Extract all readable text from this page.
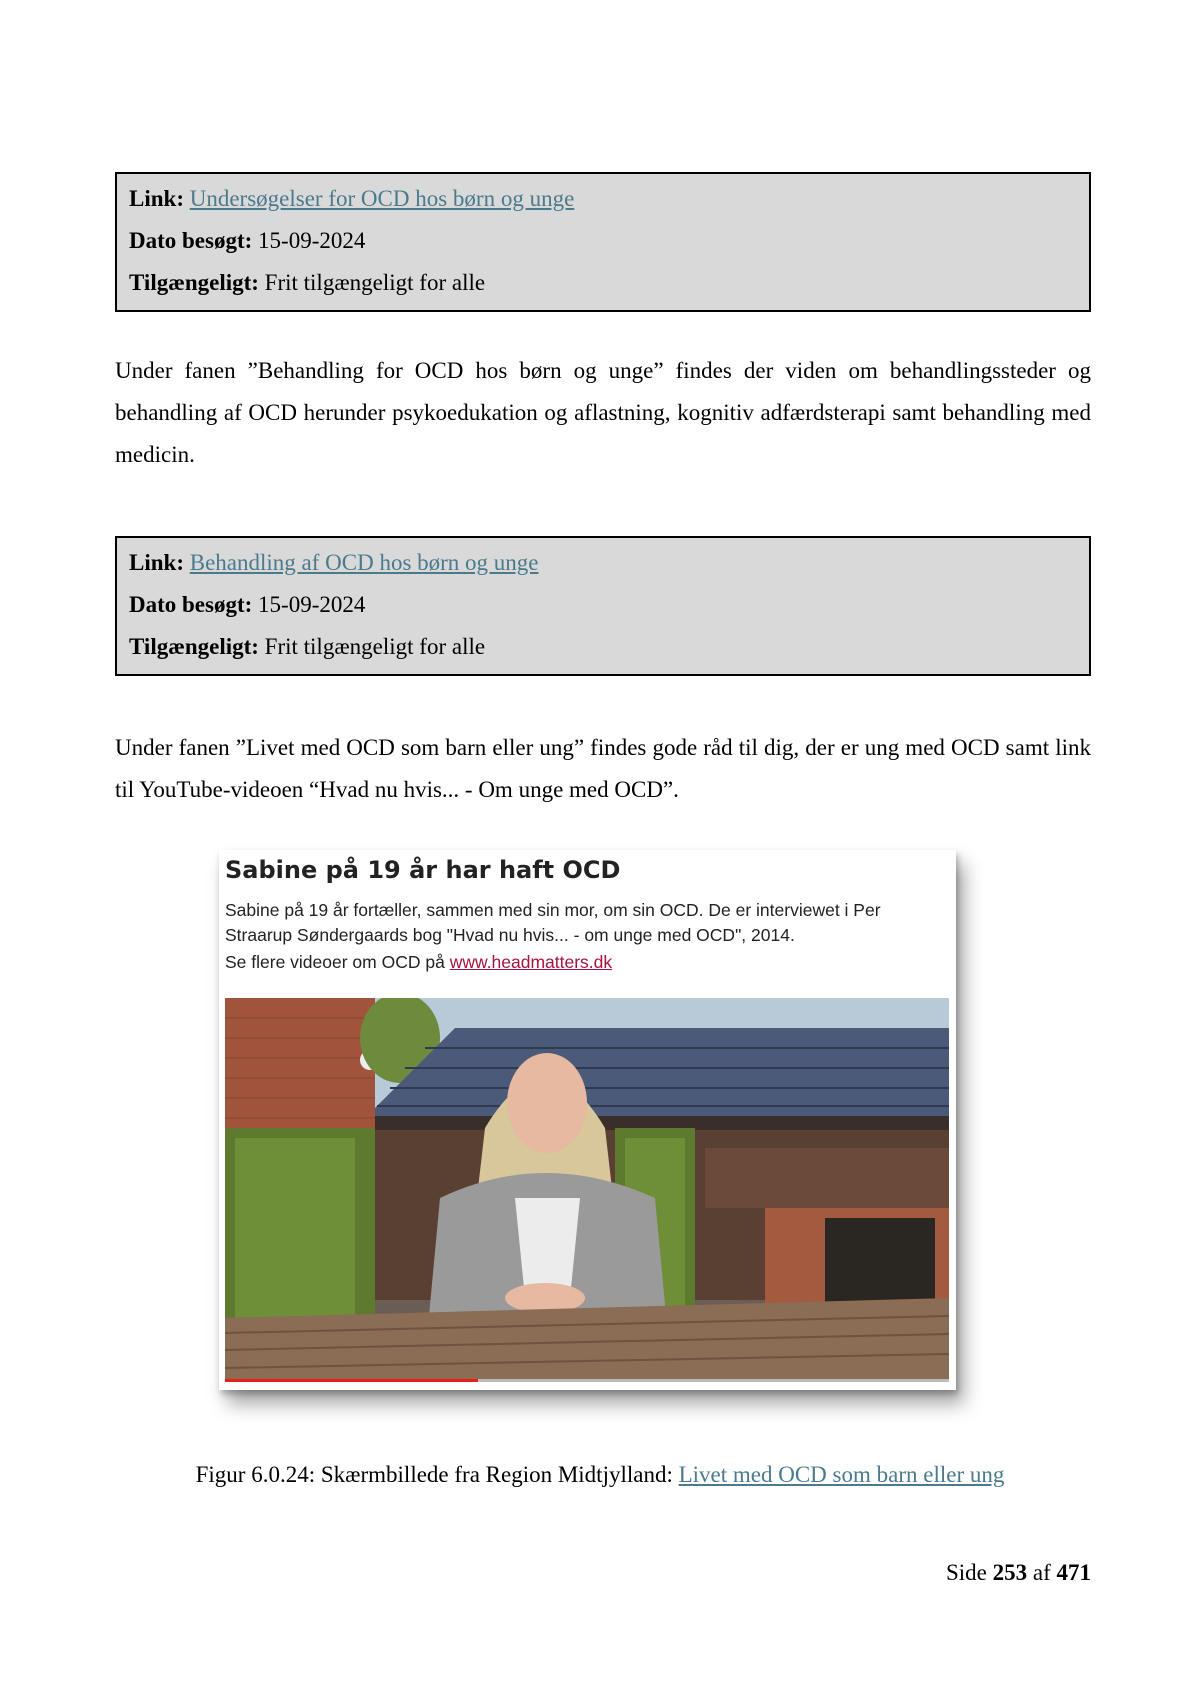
Link: Undersøgelser for OCD hos børn og unge
Dato besøgt: 15-09-2024
Tilgængeligt: Frit tilgængeligt for alle

Under fanen ”Behandling for OCD hos børn og unge” findes der viden om behandlingssteder og behandling af OCD herunder psykoedukation og aflastning, kognitiv adfærdsterapi samt behandling med medicin.

Link: Behandling af OCD hos børn og unge
Dato besøgt: 15-09-2024
Tilgængeligt: Frit tilgængeligt for alle

Under fanen ”Livet med OCD som barn eller ung” findes gode råd til dig, der er ung med OCD samt link til YouTube-videoen “Hvad nu hvis... - Om unge med OCD”.

Sabine på 19 år har haft OCD

Sabine på 19 år fortæller, sammen med sin mor, om sin OCD. De er interviewet i Per Straarup Søndergaards bog "Hvad nu hvis... - om unge med OCD", 2014.

Se flere videoer om OCD på www.headmatters.dk

Figur 6.0.24: Skærmbillede fra Region Midtjylland: Livet med OCD som barn eller ung
Side 253 af 471
